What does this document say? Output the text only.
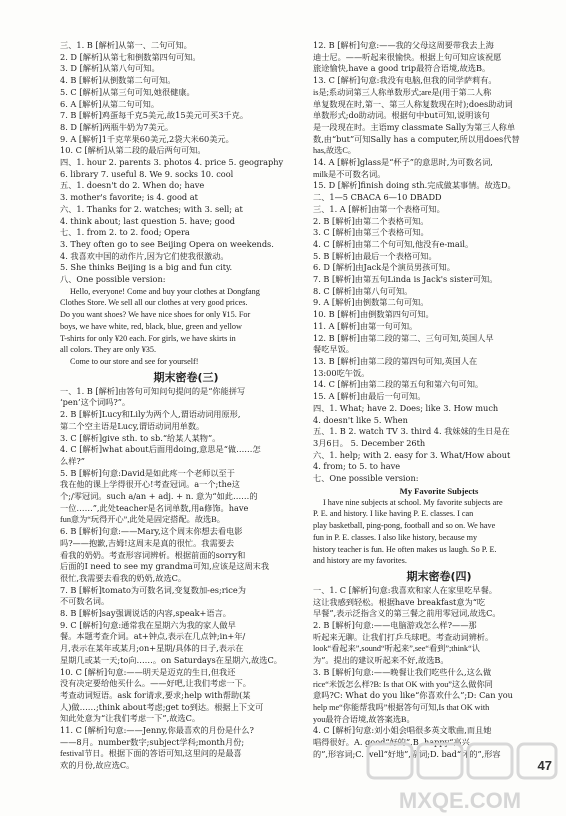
三、1. B [解析]从第一、二句可知。
2. D [解析]从第七和倒数第四句可知。
3. D [解析]从第八句可知。
4. B [解析]从倒数第二句可知。
5. C [解析]从第三句可知,她很健康。
6. A [解析]从第二句可知。
7. B [解析]鸡蛋每千克5美元,故15美元可买3千克。
8. D [解析]两瓶牛奶为7美元。
9. A [解析]1千克苹果60美元,2袋大米60美元。
10. C [解析]从第二段的最后两句可知。
四、1. hour 2. parents 3. photos 4. price 5. geography
6. library 7. useful 8. We 9. socks 10. cool
五、1. doesn't do 2. When do; have
3. mother's favorite; is 4. good at
六、1. Thanks for 2. watches; with 3. sell; at
4. think about; last question 5. have; good
七、1. from 2. to 2. food; Opera
3. They often go to see Beijing Opera on weekends.
4. 我喜欢中国的动作片,因为它们使我很激动。
5. She thinks Beijing is a big and fun city.
八、One possible version:
Hello, everyone! Come and buy your clothes at Dongfang
Clothes Store. We sell all our clothes at very good prices.
Do you want shoes? We have nice shoes for only ¥15. For
boys, we have white, red, black, blue, green and yellow
T-shirts for only ¥20 each. For girls, we have skirts in
all colors. They are only ¥35.
Come to our store and see for yourself!
期末密卷(三)
一、1. B [解析]由答句可知问句提问的是“你能拼写
‘pen’这个词吗?”。
2. B [解析]Lucy和Lily为两个人,谓语动词用原形,
第二个空主语是Lucy,谓语动词用单数。
3. C [解析]give sth. to sb.“给某人某物”。
4. C [解析]what about后面用doing,意思是“做……怎
么样?”
5. B [解析]句意:David是如此疼一个老师以至于
我在他的课上学得很开心!考查冠词。a一个;the这
个;/零冠词。such a/an + adj. + n. 意为“如此……的
一位……”,此处teacher是名词单数,用a修饰。have
fun意为“玩得开心”,此处是固定搭配。故选B。
6. B [解析]句意:——Mary,这个周末你想去看电影
吗?——抱歉,吉姆!这周末是真的很忙。我需要去
看我的奶奶。考查形容词辨析。根据前面的sorry和
后面的I need to see my grandma可知,应该是这周末我
很忙,我需要去看我的奶奶,故选C。
7. B [解析]tomato为可数名词,变复数加-es;rice为
不可数名词。
8. B [解析]say强调说话的内容,speak+语言。
9. C [解析]句意:通常我在星期六为我的家人做早
餐。本题考查介词。at+钟点,表示在几点钟;in+年/
月,表示在某年或某月;on+星期/具体的日子,表示在
星期几或某一天;to向……。on Saturdays在星期六,故选C。
10. C [解析]句意:——明天是迈克的生日,但我还
没有决定要给他买什么。——好吧,让我们考虑一下。
考查动词短语。ask for请求,要求;help with帮助(某
人)做……;think about考虑;get to到达。根据上下文可
知此处意为“让我们考虑一下”,故选C。
11. C [解析]句意:——Jenny,你最喜欢的月份是什么?
——8月。number数字;subject学科;month月份;
festival节日。根据下面的答语可知,这里问的是最喜
欢的月份,故应选C。
12. B [解析]句意:——我的父母这周要带我去上海
迪士尼。——听起来很愉快。根据上句可知应该祝愿
旅途愉快,have a good trip最符合语境,故选B。
13. C [解析]句意:我没有电脑,但我的同学萨莉有。
is是;系动词第三人称单数形式;are是(用于第二人称
单复数现在时,第一、第三人称复数现在时);does助动词
单数形式;do助动词。根据句中but可知,说明该句
是一段现在时。主语my classmate Sally为第三人称单
数,由“but”可知Sally has a computer,所以用does代替
has,故选C。
14. A [解析]glass是“杯子”的意思时,为可数名词,
milk是不可数名词。
15. D [解析]finish doing sth.完成做某事情。故选D。
二、1—5 CBACA 6—10 DBADD
三、1. A [解析]由第一个表格可知。
2. B [解析]由第二个表格可知。
3. C [解析]由第三个表格可知。
4. C [解析]由第二个句可知,他没有e-mail。
5. B [解析]由最后一个表格可知。
6. D [解析]由Jack是个演员男孩可知。
7. B [解析]由第五句Linda is Jack's sister可知。
8. C [解析]由第八句可知。
9. A [解析]由倒数第二句可知。
10. B [解析]由倒数第四句可知。
11. A [解析]由第一句可知。
12. B [解析]由第二段的第二、三句可知,英国人早
餐吃早饭。
13. B [解析]由第二段的第四句可知,英国人在
13:00吃午饭。
14. C [解析]由第二段的第五句和第六句可知。
15. A [解析]由最后一句可知。
四、1. What; have 2. Does; like 3. How much
4. doesn't like 5. When
五、1. B 2. watch TV 3. third 4. 我妹妹的生日是在
3月6日。 5. December 26th
六、1. help; with 2. easy for 3. What/How about
4. from; to 5. to have
七、One possible version:
My Favorite Subjects
I have nine subjects at school. My favorite subjects are
P. E. and history. I like having P. E. classes. I can
play basketball, ping-pong, football and so on. We have
fun in P. E. classes. I also like history, because my
history teacher is fun. He often makes us laugh. So P. E.
and history are my favorites.
期末密卷(四)
一、1. C [解析]句意:我喜欢和家人在家里吃早餐。
这让我感到轻松。根据have breakfast意为“吃
早餐”,表示泛指含义的第三餐之前用零冠词,故选C。
2. B [解析]句意:——电脑游戏怎么样?——那
听起来无聊。让我们打乒乓球吧。考查动词辨析。
look“看起来”,sound“听起来”,see“看到”;think“认
为”。提出的建议听起来不好,故选B。
3. B [解析]句意:——晚餐让我们吃些什么,这么做
rice“米饭怎么样?B: Is that OK with you”这么做你同
意吗?C: What do you like“你喜欢什么”;D: Can you
help me“你能帮我吗”根据答句可知,Is that OK with
you最符合语境,故答案选B。
4. C [解析]句意:刘小姐会唱很多英文歌曲,而且她
唱得很好。A. good“好的”,B. happy“高兴
的”,形容词;C. well“好地”,副词;D. bad“坏的”,形容
MXQE.COM
47
